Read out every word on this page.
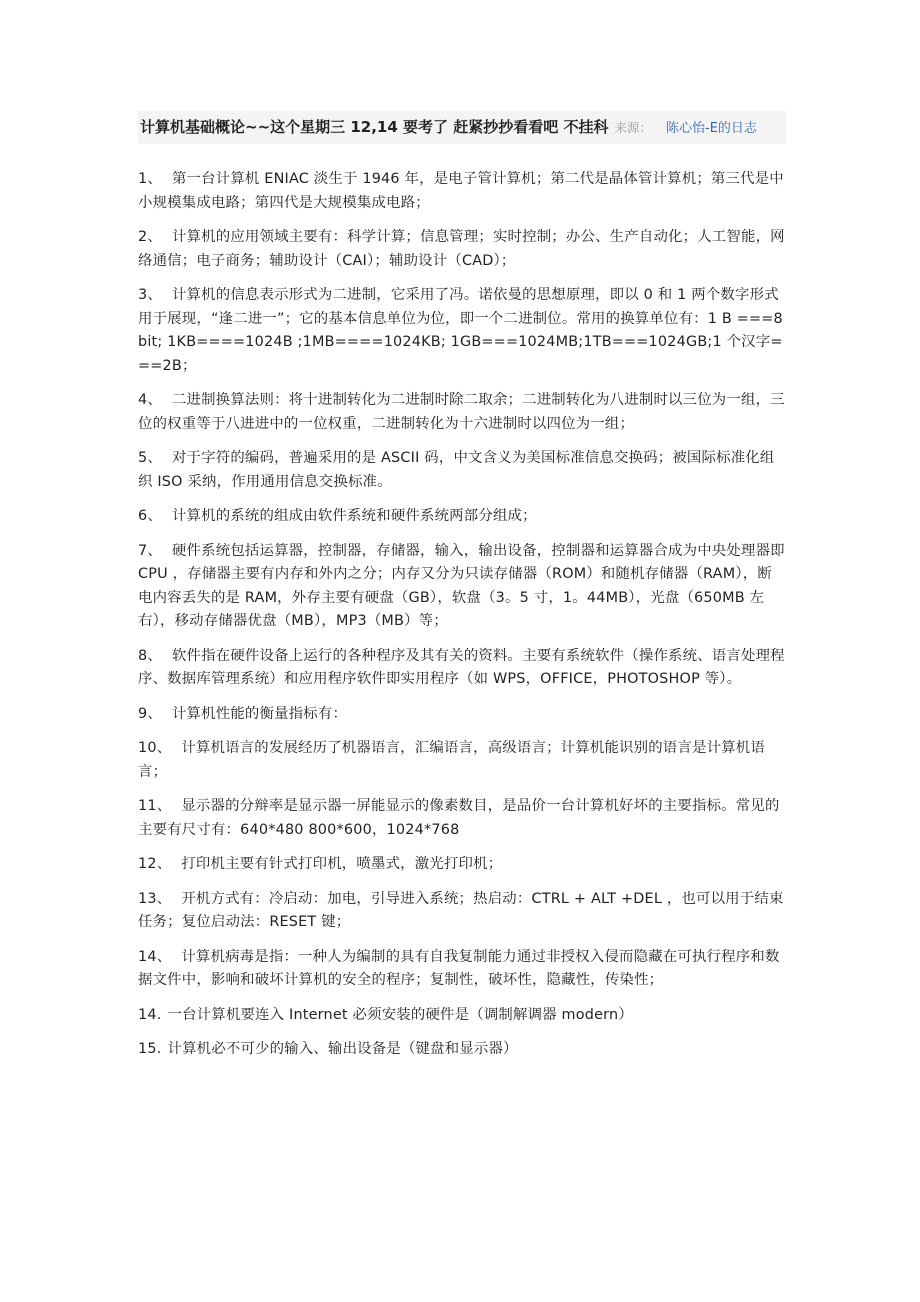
计算机基础概论~~这个星期三 12,14 要考了 赶紧抄抄看看吧 不挂科 来源： 陈心怡-E的日志

1、 第一台计算机 ENIAC 淡生于 1946 年，是电子管计算机；第二代是晶体管计算机；第三代是中小规模集成电路；第四代是大规模集成电路；

2、 计算机的应用领域主要有：科学计算；信息管理；实时控制；办公、生产自动化；人工智能，网络通信；电子商务；辅助设计（CAI）；辅助设计（CAD）；

3、 计算机的信息表示形式为二进制，它采用了冯。诺依曼的思想原理，即以 0 和 1 两个数字形式用于展现，“逢二进一”；它的基本信息单位为位，即一个二进制位。常用的换算单位有：1 B ===8bit; 1KB====1024B ;1MB====1024KB; 1GB===1024MB;1TB===1024GB;1 个汉字===2B；

4、 二进制换算法则：将十进制转化为二进制时除二取余；二进制转化为八进制时以三位为一组，三位的权重等于八进进中的一位权重，二进制转化为十六进制时以四位为一组；

5、 对于字符的编码，普遍采用的是 ASCII 码，中文含义为美国标准信息交换码；被国际标准化组织 ISO 采纳，作用通用信息交换标准。

6、 计算机的系统的组成由软件系统和硬件系统两部分组成；

7、 硬件系统包括运算器，控制器，存储器，输入，输出设备，控制器和运算器合成为中央处理器即 CPU ，存储器主要有内存和外内之分；内存又分为只读存储器（ROM）和随机存储器（RAM），断电内容丢失的是 RAM，外存主要有硬盘（GB），软盘（3。5 寸，1。44MB），光盘（650MB 左右），移动存储器优盘（MB），MP3（MB）等；

8、 软件指在硬件设备上运行的各种程序及其有关的资料。主要有系统软件（操作系统、语言处理程序、数据库管理系统）和应用程序软件即实用程序（如 WPS，OFFICE，PHOTOSHOP 等）。

9、 计算机性能的衡量指标有：

10、 计算机语言的发展经历了机器语言，汇编语言，高级语言；计算机能识别的语言是计算机语言；

11、 显示器的分辩率是显示器一屏能显示的像素数目，是品价一台计算机好坏的主要指标。常见的主要有尺寸有：640*480 800*600，1024*768

12、 打印机主要有针式打印机，喷墨式，激光打印机；

13、 开机方式有：冷启动：加电，引导进入系统；热启动：CTRL + ALT +DEL ，也可以用于结束任务；复位启动法：RESET 键；

14、 计算机病毒是指：一种人为编制的具有自我复制能力通过非授权入侵而隐藏在可执行程序和数据文件中，影响和破坏计算机的安全的程序；复制性，破坏性，隐藏性，传染性；

14. 一台计算机要连入 Internet 必须安装的硬件是（调制解调器 modern）

15. 计算机必不可少的输入、输出设备是（键盘和显示器）
